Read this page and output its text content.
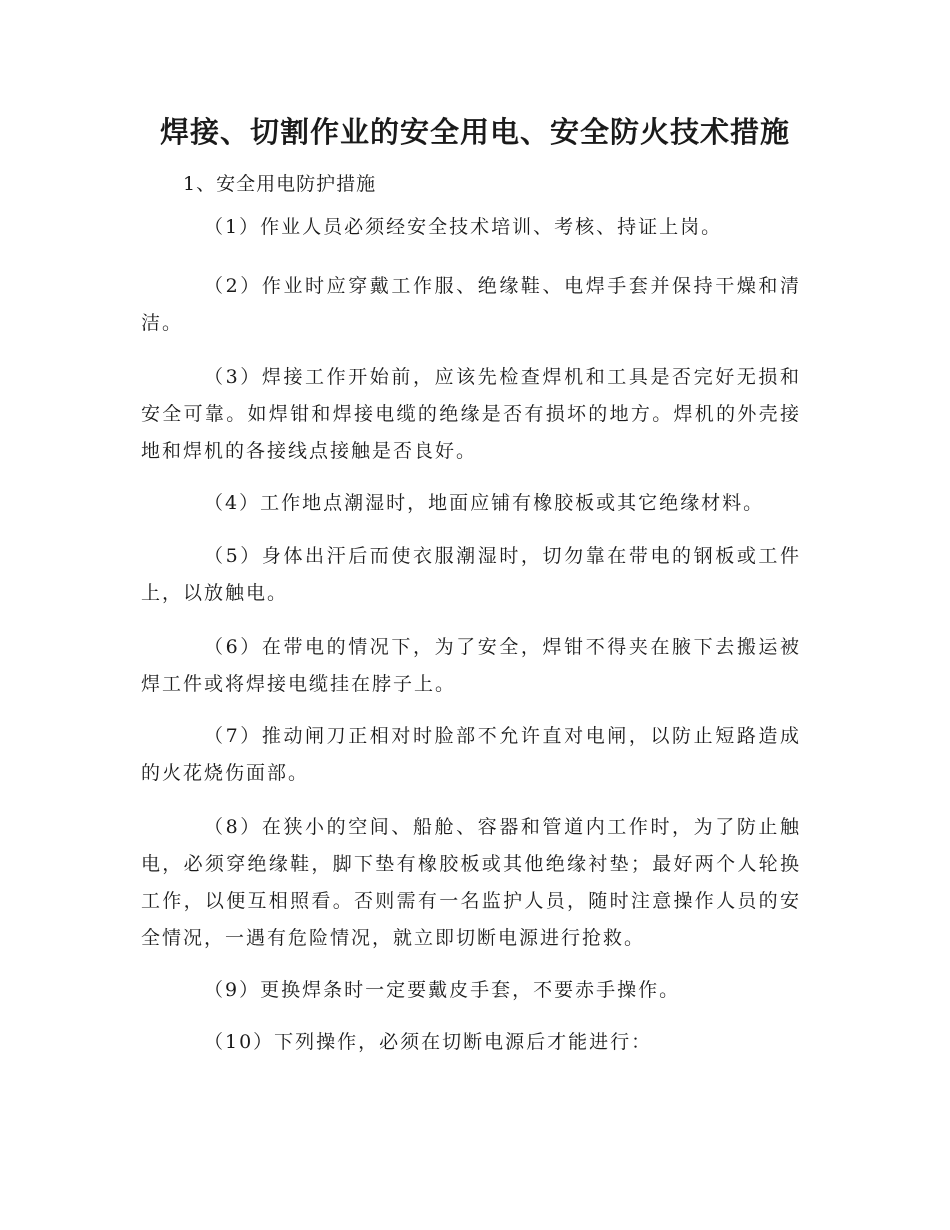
焊接、切割作业的安全用电、安全防火技术措施
1、安全用电防护措施

（1）作业人员必须经安全技术培训、考核、持证上岗。

（2）作业时应穿戴工作服、绝缘鞋、电焊手套并保持干燥和清洁。

（3）焊接工作开始前，应该先检查焊机和工具是否完好无损和安全可靠。如焊钳和焊接电缆的绝缘是否有损坏的地方。焊机的外壳接地和焊机的各接线点接触是否良好。

（4）工作地点潮湿时，地面应铺有橡胶板或其它绝缘材料。

（5）身体出汗后而使衣服潮湿时，切勿靠在带电的钢板或工件上，以放触电。

（6）在带电的情况下，为了安全，焊钳不得夹在腋下去搬运被焊工件或将焊接电缆挂在脖子上。

（7）推动闸刀正相对时脸部不允许直对电闸，以防止短路造成的火花烧伤面部。

（8）在狭小的空间、船舱、容器和管道内工作时，为了防止触电，必须穿绝缘鞋，脚下垫有橡胶板或其他绝缘衬垫；最好两个人轮换工作，以便互相照看。否则需有一名监护人员，随时注意操作人员的安全情况，一遇有危险情况，就立即切断电源进行抢救。

（9）更换焊条时一定要戴皮手套，不要赤手操作。

（10）下列操作，必须在切断电源后才能进行：
